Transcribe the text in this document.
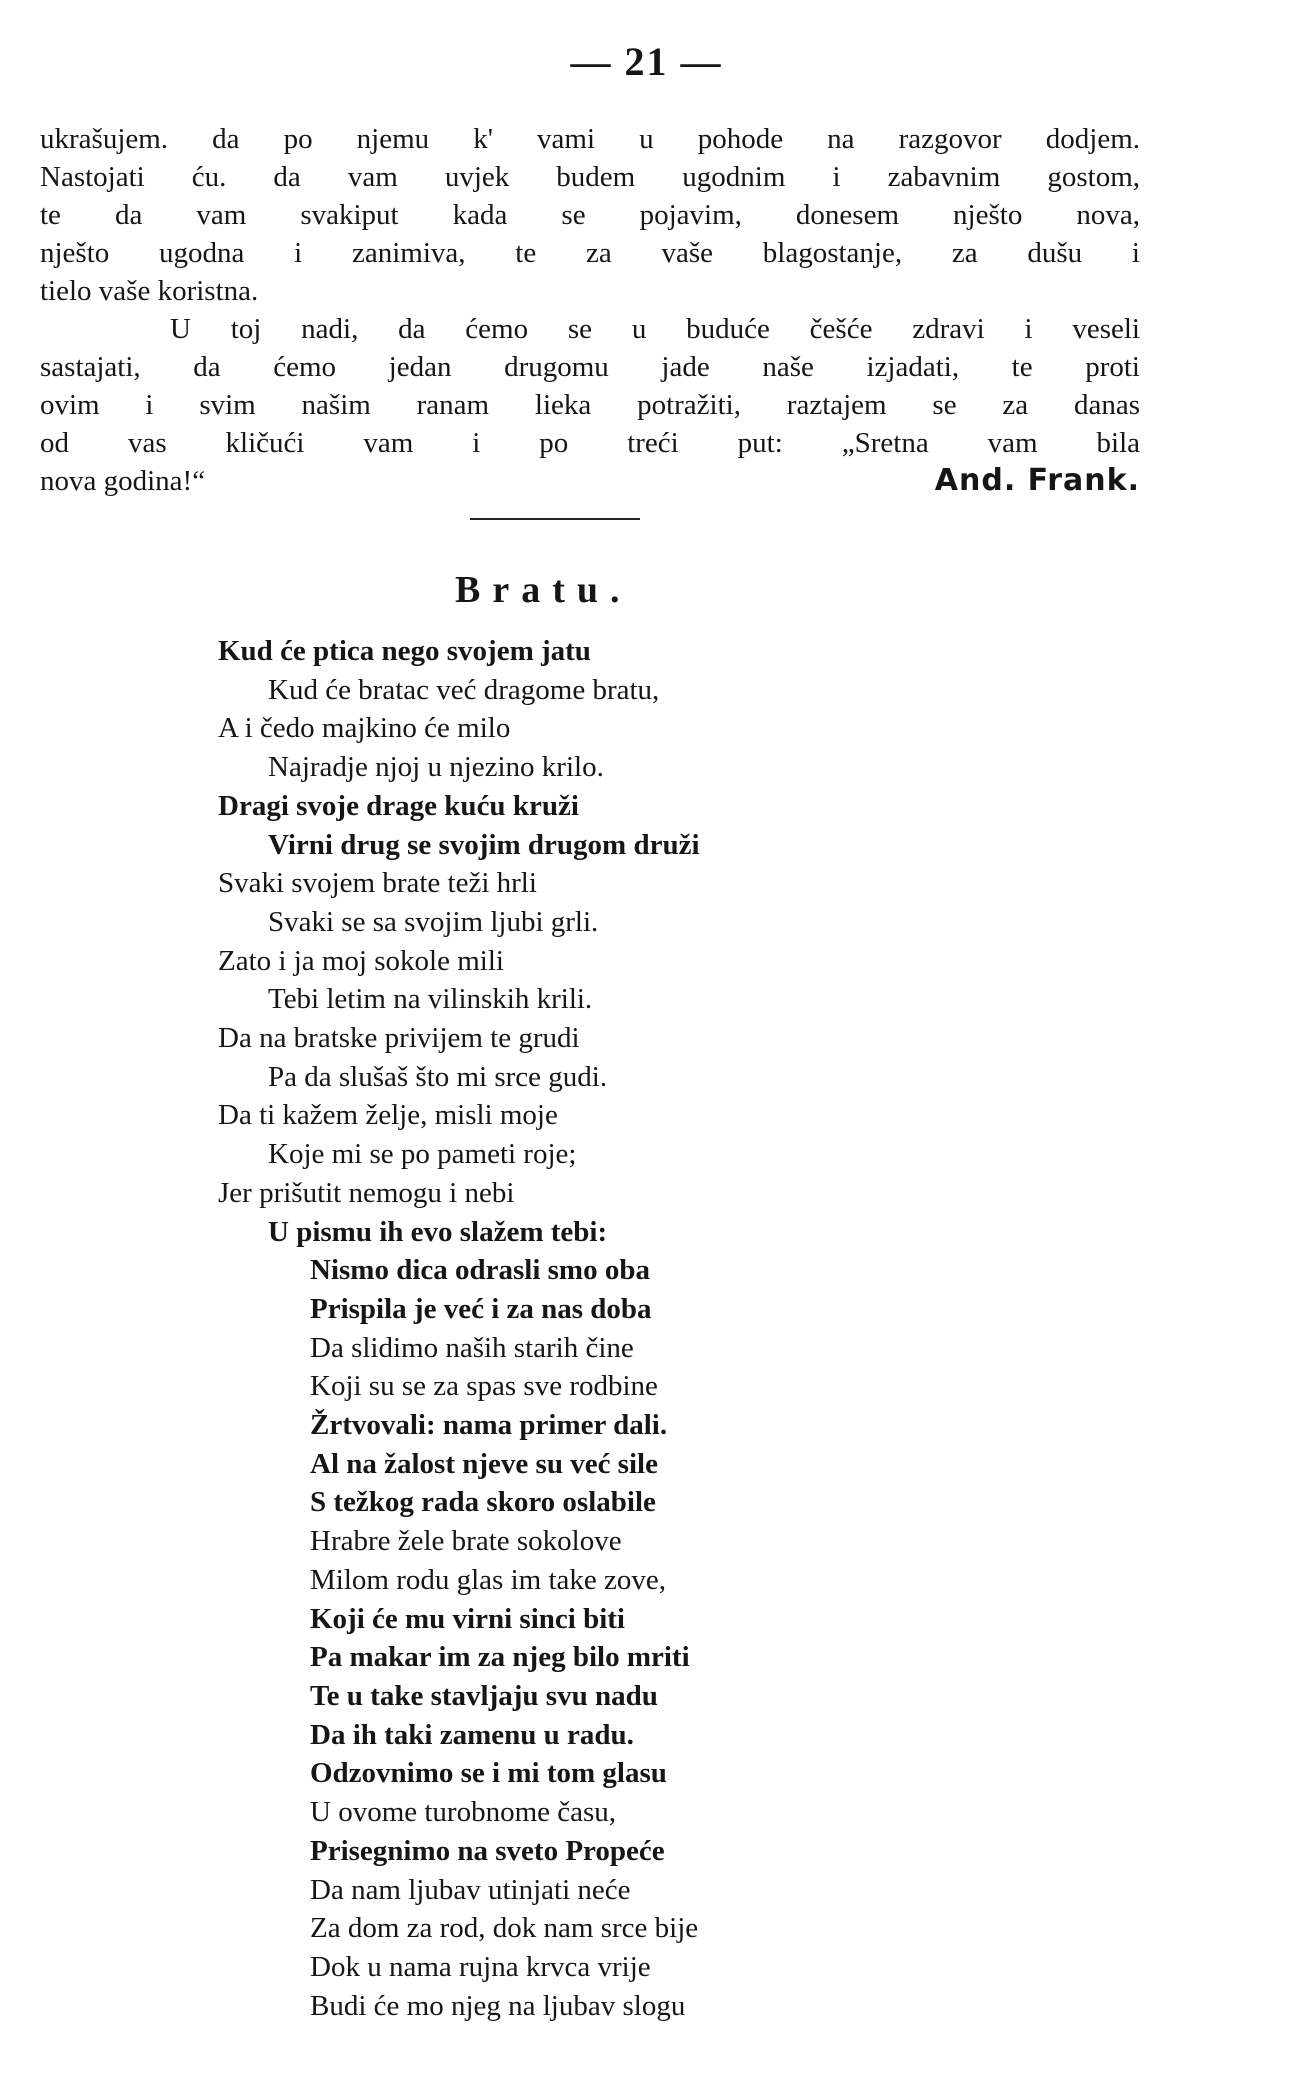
— 21 —
ukrašujem. da po njemu k' vami u pohode na razgovor dodjem.
Nastojati ću. da vam uvjek budem ugodnim i zabavnim gostom,
te da vam svakiput kada se pojavim, donesem nješto nova,
nješto ugodna i zanimiva, te za vaše blagostanje, za dušu i
tielo vaše koristna.
U toj nadi, da ćemo se u buduće češće zdravi i veseli
sastajati, da ćemo jedan drugomu jade naše izjadati, te proti
ovim i svim našim ranam lieka potražiti, raztajem se za danas
od vas kličući vam i po treći put: „Sretna vam bila
nova godina!“	And. Frank.
Bratu.
Kud će ptica nego svojem jatu
Kud će bratac već dragome bratu,
A i čedo majkino će milo
Najradje njoj u njezino krilo.
Dragi svoje drage kuću kruži
Virni drug se svojim drugom druži
Svaki svojem brate teži hrli
Svaki se sa svojim ljubi grli.
Zato i ja moj sokole mili
Tebi letim na vilinskih krili.
Da na bratske privijem te grudi
Pa da slušaš što mi srce gudi.
Da ti kažem želje, misli moje
Koje mi se po pameti roje;
Jer prišutit nemogu i nebi
U pismu ih evo slažem tebi:
Nismo dica odrasli smo oba
Prispila je već i za nas doba
Da slidimo naših starih čine
Koji su se za spas sve rodbine
Žrtvovali: nama primer dali.
Al na žalost njeve su već sile
S težkog rada skoro oslabile
Hrabre žele brate sokolove
Milom rodu glas im take zove,
Koji će mu virni sinci biti
Pa makar im za njeg bilo mriti
Te u take stavljaju svu nadu
Da ih taki zamenu u radu.
Odzovnimo se i mi tom glasu
U ovome turobnome času,
Prisegnimo na sveto Propeće
Da nam ljubav utinjati neće
Za dom za rod, dok nam srce bije
Dok u nama rujna krvca vrije
Budi će mo njeg na ljubav slogu
